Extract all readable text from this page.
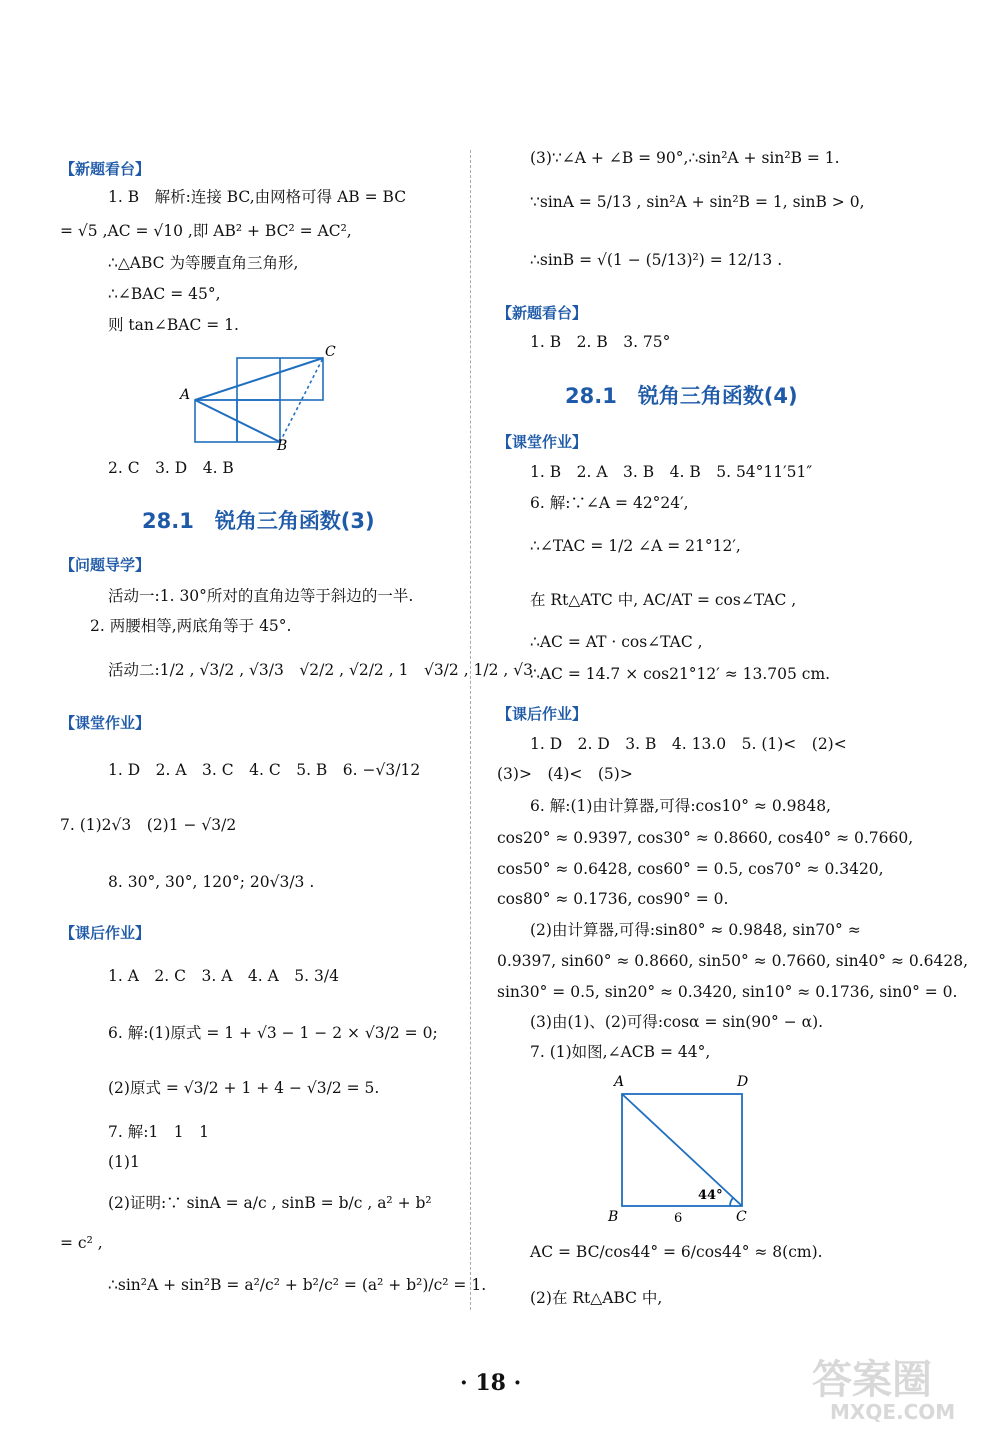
【新题看台】
1. B　解析:连接 BC,由网格可得 AB = BC
= √5 ,AC = √10 ,即 AB² + BC² = AC²,
∴△ABC 为等腰直角三角形,
∴∠BAC = 45°,
则 tan∠BAC = 1.
A
B
C
2. C　3. D　4. B
28.1　锐角三角函数(3)
【问题导学】
活动一:1. 30°所对的直角边等于斜边的一半.
2. 两腰相等,两底角等于 45°.
活动二:1/2 , √3/2 , √3/3　√2/2 , √2/2 , 1　√3/2 , 1/2 , √3
【课堂作业】
1. D　2. A　3. C　4. C　5. B　6. −√3/12
7. (1)2√3　(2)1 − √3/2
8. 30°, 30°, 120°; 20√3/3 .
【课后作业】
1. A　2. C　3. A　4. A　5. 3/4
6. 解:(1)原式 = 1 + √3 − 1 − 2 × √3/2 = 0;
(2)原式 = √3/2 + 1 + 4 − √3/2 = 5.
7. 解:1　1　1
(1)1
(2)证明:∵ sinA = a/c , sinB = b/c , a² + b²
= c² ,
∴sin²A + sin²B = a²/c² + b²/c² = (a² + b²)/c² = 1.
(3)∵∠A + ∠B = 90°,∴sin²A + sin²B = 1.
∵sinA = 5/13 , sin²A + sin²B = 1, sinB > 0,
∴sinB = √(1 − (5/13)²) = 12/13 .
【新题看台】
1. B　2. B　3. 75°
28.1　锐角三角函数(4)
【课堂作业】
1. B　2. A　3. B　4. B　5. 54°11′51″
6. 解:∵∠A = 42°24′,
∴∠TAC = 1/2 ∠A = 21°12′,
在 Rt△ATC 中, AC/AT = cos∠TAC ,
∴AC = AT · cos∠TAC ,
∴AC = 14.7 × cos21°12′ ≈ 13.705 cm.
【课后作业】
1. D　2. D　3. B　4. 13.0　5. (1)<　(2)<
(3)>　(4)<　(5)>
6. 解:(1)由计算器,可得:cos10° ≈ 0.9848,
cos20° ≈ 0.9397, cos30° ≈ 0.8660, cos40° ≈ 0.7660,
cos50° ≈ 0.6428, cos60° = 0.5, cos70° ≈ 0.3420,
cos80° ≈ 0.1736, cos90° = 0.
(2)由计算器,可得:sin80° ≈ 0.9848, sin70° ≈
0.9397, sin60° ≈ 0.8660, sin50° ≈ 0.7660, sin40° ≈ 0.6428,
sin30° = 0.5, sin20° ≈ 0.3420, sin10° ≈ 0.1736, sin0° = 0.
(3)由(1)、(2)可得:cosα = sin(90° − α).
7. (1)如图,∠ACB = 44°,
A	D
B	C
44°
6
AC = BC/cos44° = 6/cos44° ≈ 8(cm).
(2)在 Rt△ABC 中,
· 18 ·	答案圈
MXQE.COM
